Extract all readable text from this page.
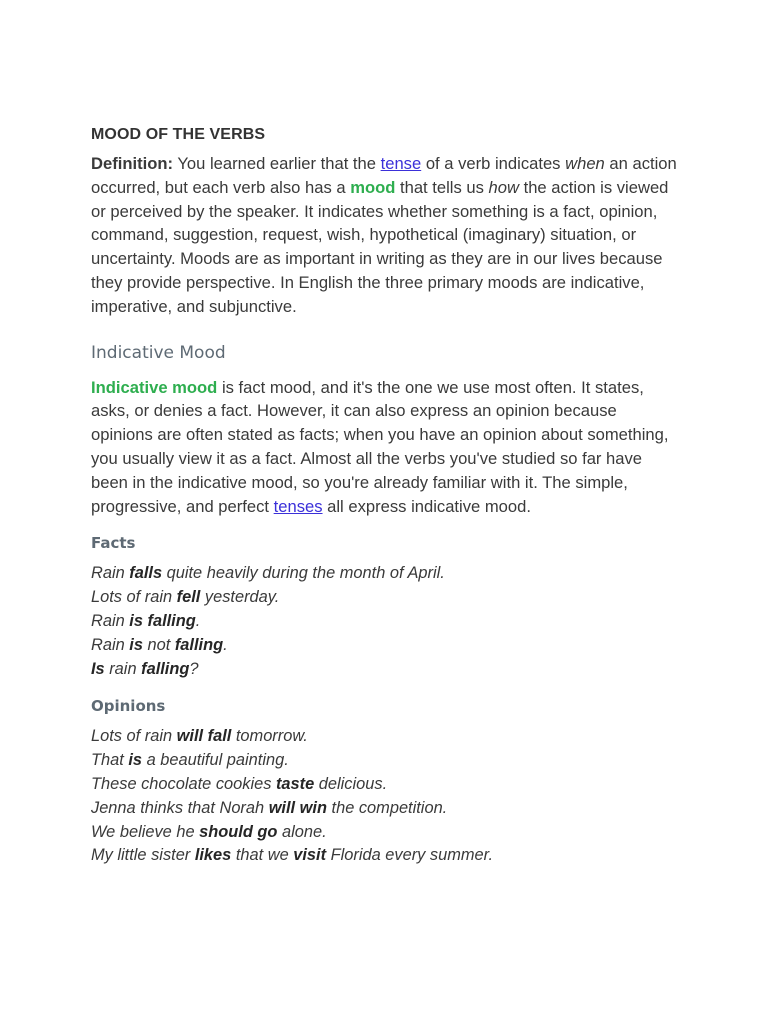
MOOD OF THE VERBS

Definition: You learned earlier that the tense of a verb indicates when an action occurred, but each verb also has a mood that tells us how the action is viewed or perceived by the speaker. It indicates whether something is a fact, opinion, command, suggestion, request, wish, hypothetical (imaginary) situation, or uncertainty. Moods are as important in writing as they are in our lives because they provide perspective. In English the three primary moods are indicative, imperative, and subjunctive.

Indicative Mood

Indicative mood is fact mood, and it's the one we use most often. It states, asks, or denies a fact. However, it can also express an opinion because opinions are often stated as facts; when you have an opinion about something, you usually view it as a fact. Almost all the verbs you've studied so far have been in the indicative mood, so you're already familiar with it. The simple, progressive, and perfect tenses all express indicative mood.

Facts
Rain falls quite heavily during the month of April.
Lots of rain fell yesterday.
Rain is falling.
Rain is not falling.
Is rain falling?
Opinions
Lots of rain will fall tomorrow.
That is a beautiful painting.
These chocolate cookies taste delicious.
Jenna thinks that Norah will win the competition.
We believe he should go alone.
My little sister likes that we visit Florida every summer.
